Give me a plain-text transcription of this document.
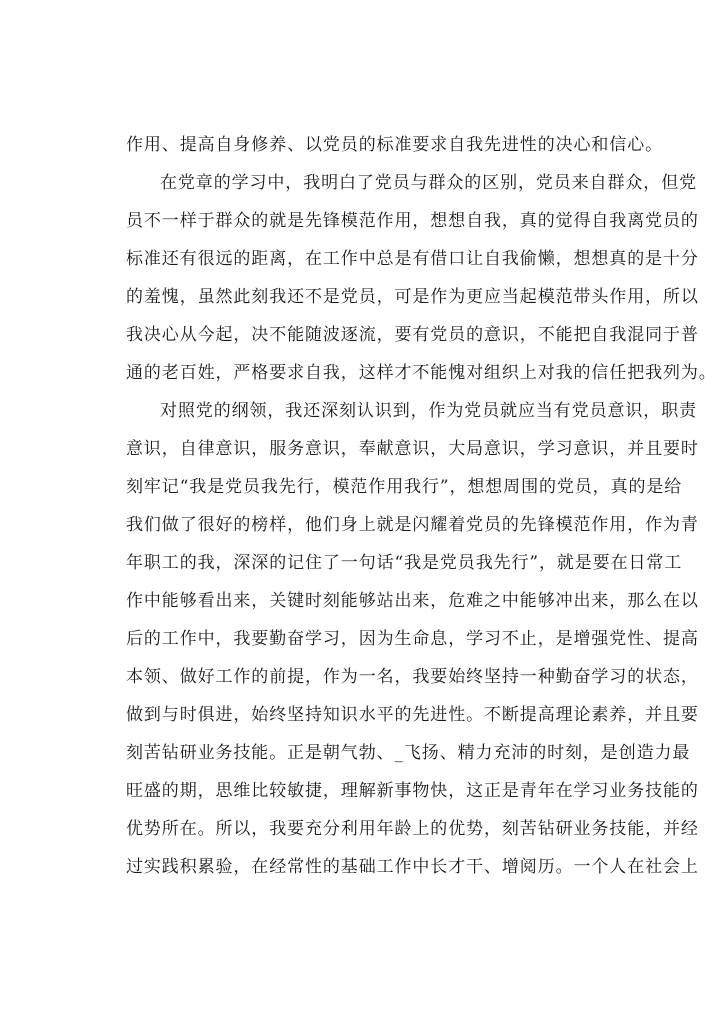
作用、提高自身修养、以党员的标准要求自我先进性的决心和信心。
在党章的学习中，我明白了党员与群众的区别，党员来自群众，但党
员不一样于群众的就是先锋模范作用，想想自我，真的觉得自我离党员的
标准还有很远的距离，在工作中总是有借口让自我偷懒，想想真的是十分
的羞愧，虽然此刻我还不是党员，可是作为更应当起模范带头作用，所以
我决心从今起，决不能随波逐流，要有党员的意识，不能把自我混同于普
通的老百姓，严格要求自我，这样才不能愧对组织上对我的信任把我列为。
对照党的纲领，我还深刻认识到，作为党员就应当有党员意识，职责
意识，自律意识，服务意识，奉献意识，大局意识，学习意识，并且要时
刻牢记“我是党员我先行，模范作用我行”，想想周围的党员，真的是给
我们做了很好的榜样，他们身上就是闪耀着党员的先锋模范作用，作为青
年职工的我，深深的记住了一句话“我是党员我先行”，就是要在日常工
作中能够看出来，关键时刻能够站出来，危难之中能够冲出来，那么在以
后的工作中，我要勤奋学习，因为生命息，学习不止，是增强党性、提高
本领、做好工作的前提，作为一名，我要始终坚持一种勤奋学习的状态，
做到与时俱进，始终坚持知识水平的先进性。不断提高理论素养，并且要
刻苦钻研业务技能。正是朝气勃、_飞扬、精力充沛的时刻，是创造力最
旺盛的期，思维比较敏捷，理解新事物快，这正是青年在学习业务技能的
优势所在。所以，我要充分利用年龄上的优势，刻苦钻研业务技能，并经
过实践积累验，在经常性的基础工作中长才干、增阅历。一个人在社会上
